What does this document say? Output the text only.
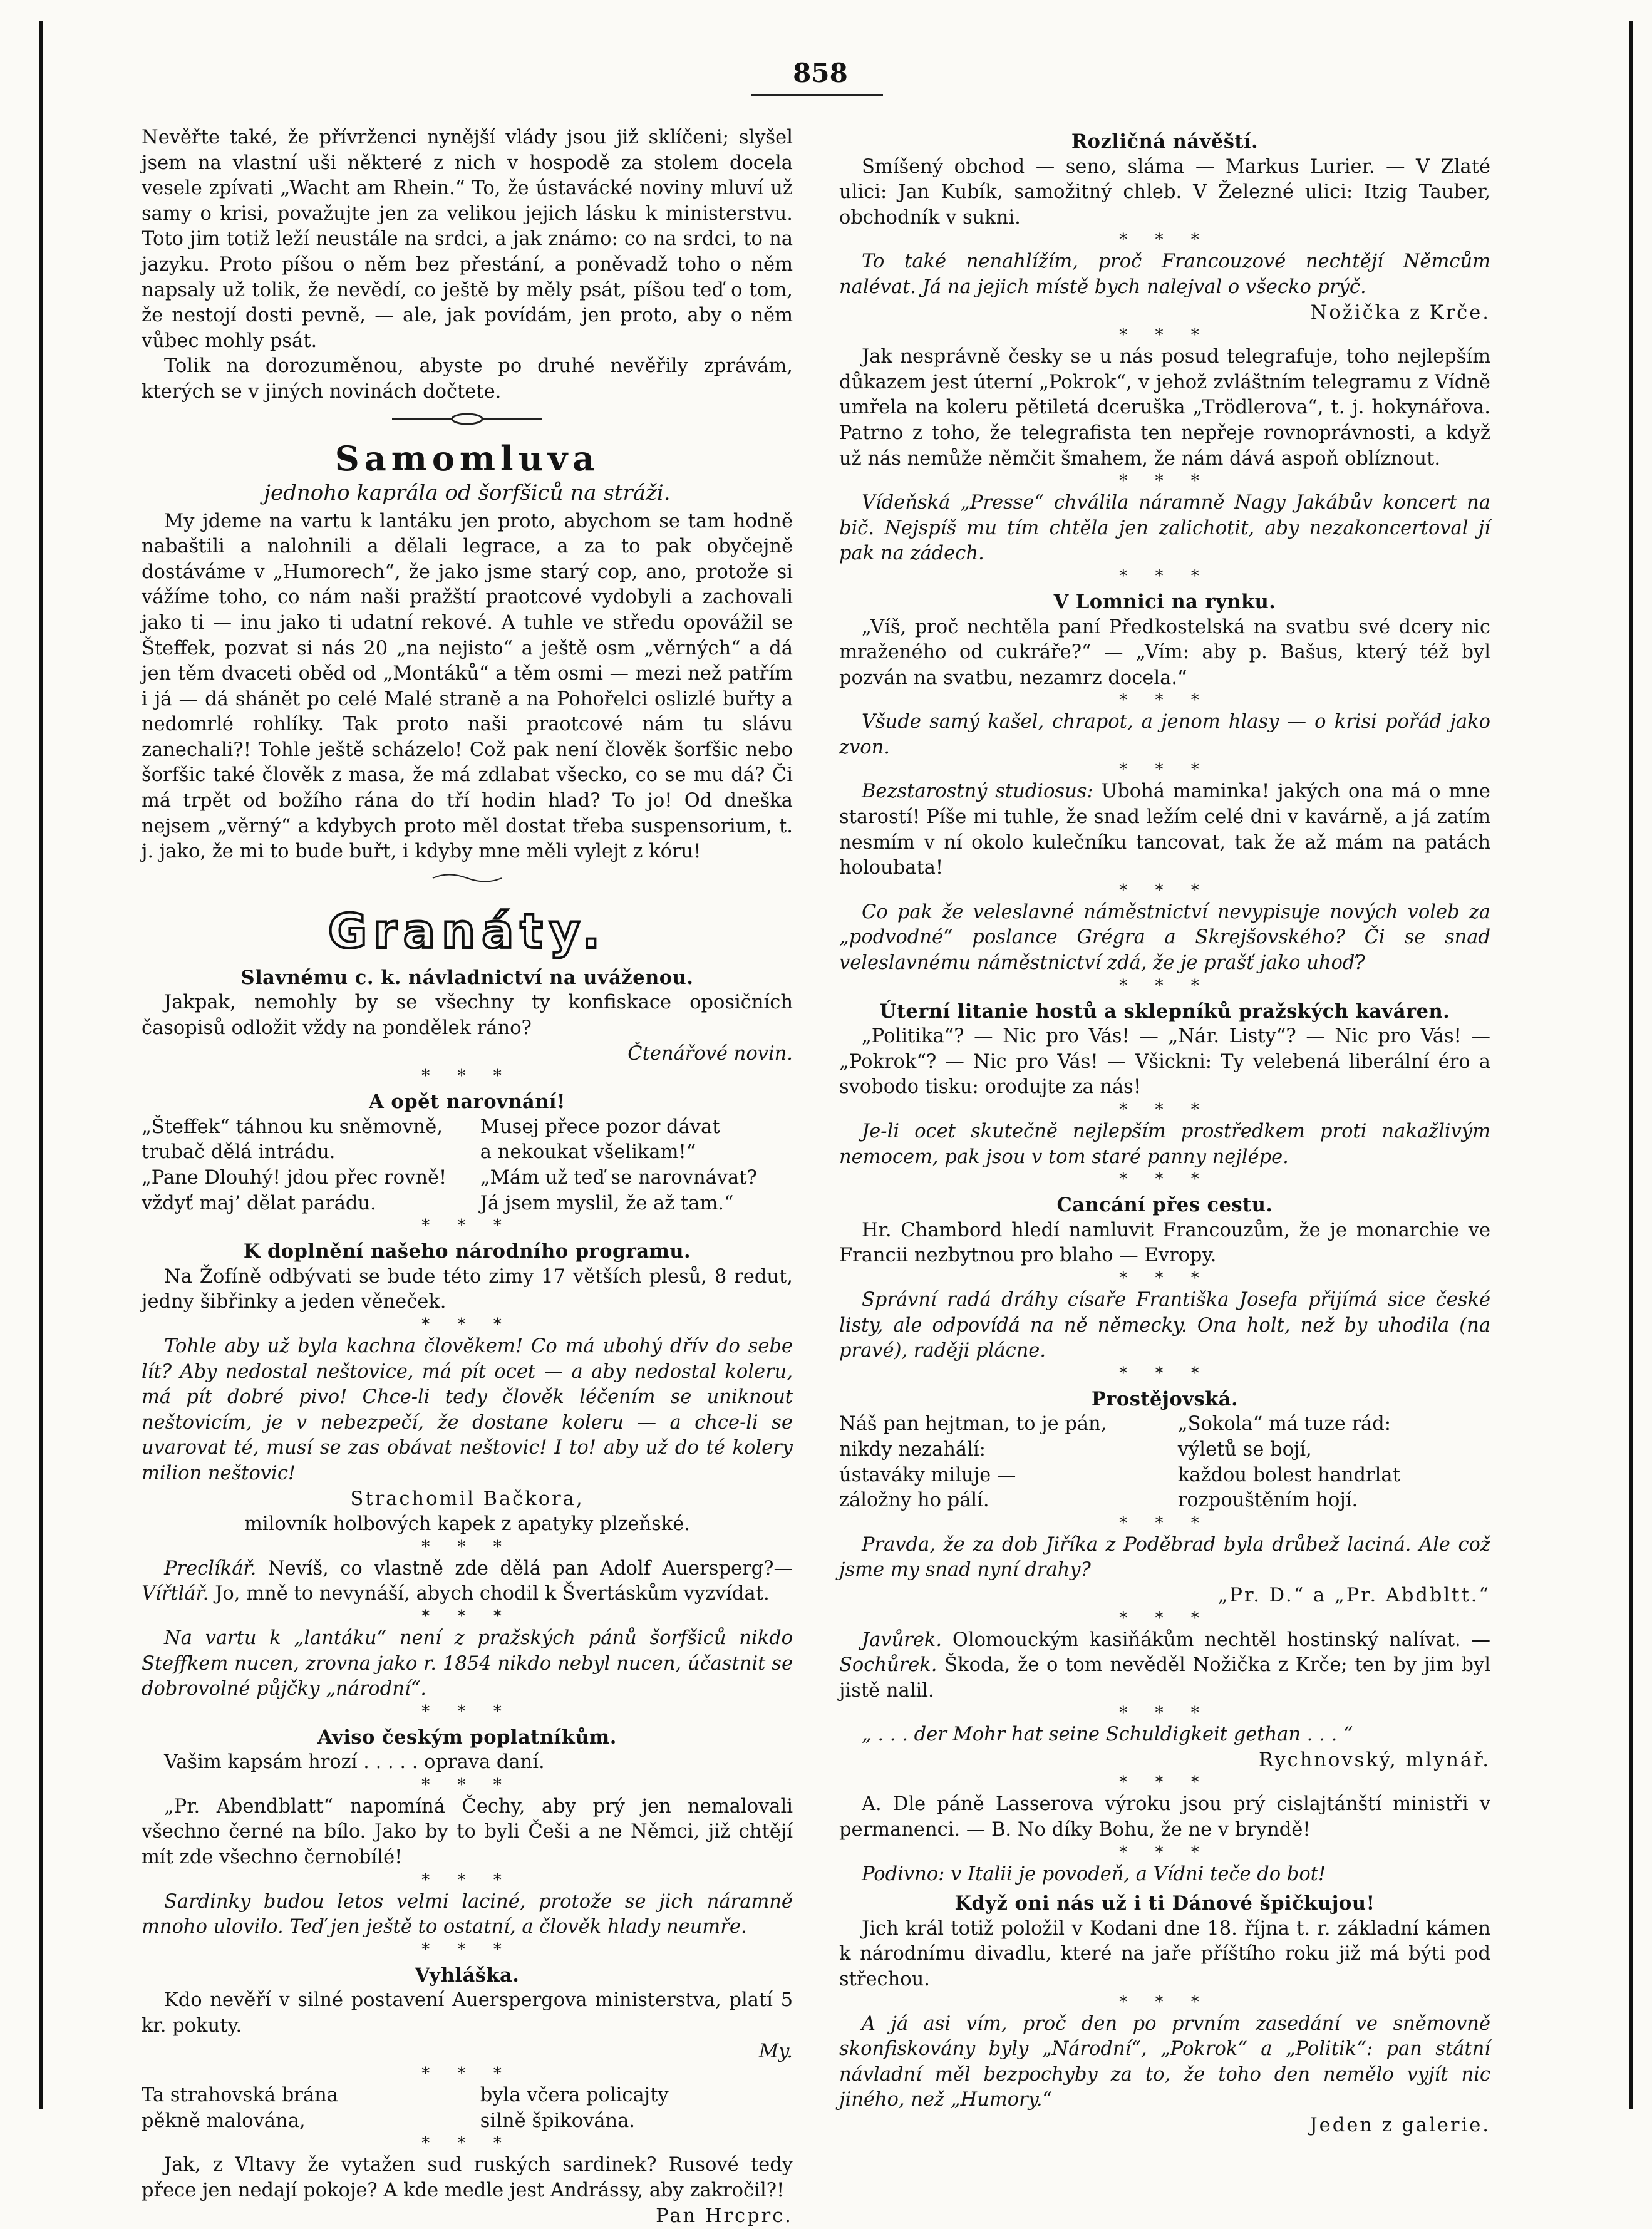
858

Nevěřte také, že přívrženci nynější vlády jsou již sklíčeni; slyšel jsem na vlastní uši některé z nich v hospodě za stolem docela vesele zpívati „Wacht am Rhein.“ To, že ústavácké noviny mluví už samy o krisi, považujte jen za velikou jejich lásku k ministerstvu. Toto jim totiž leží neustále na srdci, a jak známo: co na srdci, to na jazyku. Proto píšou o něm bez přestání, a poněvadž toho o něm napsaly už tolik, že nevědí, co ještě by měly psát, píšou teď o tom, že nestojí dosti pevně, — ale, jak povídám, jen proto, aby o něm vůbec mohly psát.

Tolik na dorozuměnou, abyste po druhé nevěřily zprávám, kterých se v jiných novinách dočtete.

Samomluva
jednoho kaprála od šorfšiců na stráži.

My jdeme na vartu k lantáku jen proto, abychom se tam hodně nabaštili a nalohnili a dělali legrace, a za to pak obyčejně dostáváme v „Humorech“, že jako jsme starý cop, ano, protože si vážíme toho, co nám naši pražští praotcové vydobyli a zachovali jako ti — inu jako ti udatní rekové. A tuhle ve středu opovážil se Šteffek, pozvat si nás 20 „na nejisto“ a ještě osm „věrných“ a dá jen těm dvaceti oběd od „Montáků“ a těm osmi — mezi než patřím i já — dá shánět po celé Malé straně a na Pohořelci oslizlé buřty a nedomrlé rohlíky. Tak proto naši praotcové nám tu slávu zanechali?! Tohle ještě scházelo! Což pak není člověk šorfšic nebo šorfšic také člověk z masa, že má zdlabat všecko, co se mu dá? Či má trpět od božího rána do tří hodin hlad? To jo! Od dneška nejsem „věrný“ a kdybych proto měl dostat třeba suspensorium, t. j. jako, že mi to bude buřt, i kdyby mne měli vylejt z kóru!

Granáty.
Slavnému c. k. návladnictví na uváženou.

Jakpak, nemohly by se všechny ty konfiskace oposičních časopisů odložit vždy na pondělek ráno?

Čtenářové novin.
* * *
A opět narovnání!
„Šteffek“ táhnou ku sněmovně,	Musej přece pozor dávat
trubač dělá intrádu.	a nekoukat všelikam!“
„Pane Dlouhý! jdou přec rovně!	„Mám už teď se narovnávat?
vždyť maj’ dělat parádu.	Já jsem myslil, že až tam.“
* * *
K doplnění našeho národního programu.

Na Žofíně odbývati se bude této zimy 17 větších plesů, 8 redut, jedny šibřinky a jeden věneček.

* * *

Tohle aby už byla kachna člověkem! Co má ubohý dřív do sebe lít? Aby nedostal neštovice, má pít ocet — a aby nedostal koleru, má pít dobré pivo! Chce-li tedy člověk léčením se uniknout neštovicím, je v nebezpečí, že dostane koleru — a chce-li se uvarovat té, musí se zas obávat neštovic! I to! aby už do té kolery milion neštovic!

Strachomil Bačkora,
milovník holbových kapek z apatyky plzeňské.
* * *

Preclíkář. Nevíš, co vlastně zde dělá pan Adolf Auersperg?— Vířtlář. Jo, mně to nevynáší, abych chodil k Švertáskům vyzvídat.

* * *

Na vartu k „lantáku“ není z pražských pánů šorfšiců nikdo Steffkem nucen, zrovna jako r. 1854 nikdo nebyl nucen, účastnit se dobrovolné půjčky „národní“.

* * *
Aviso českým poplatníkům.

Vašim kapsám hrozí . . . . . oprava daní.

* * *

„Pr. Abendblatt“ napomíná Čechy, aby prý jen nemalovali všechno černé na bílo. Jako by to byli Češi a ne Němci, již chtějí mít zde všechno černobílé!

* * *

Sardinky budou letos velmi laciné, protože se jich náramně mnoho ulovilo. Teď jen ještě to ostatní, a člověk hlady neumře.

* * *
Vyhláška.

Kdo nevěří v silné postavení Auerspergova ministerstva, platí 5 kr. pokuty.

My.
* * *
Ta strahovská brána	byla včera policajty
pěkně malována,	silně špikována.
* * *

Jak, z Vltavy že vytažen sud ruských sardinek? Rusové tedy přece jen nedají pokoje? A kde medle jest Andrássy, aby zakročil?!

Pan Hrcprc.
Rozličná návěští.

Smíšený obchod — seno, sláma — Markus Lurier. — V Zlaté ulici: Jan Kubík, samožitný chleb. V Železné ulici: Itzig Tauber, obchodník v sukni.

* * *

To také nenahlížím, proč Francouzové nechtějí Němcům nalévat. Já na jejich místě bych nalejval o všecko prýč.

Nožička z Krče.
* * *

Jak nesprávně česky se u nás posud telegrafuje, toho nejlepším důkazem jest úterní „Pokrok“, v jehož zvláštním telegramu z Vídně umřela na koleru pětiletá dceruška „Trödlerova“, t. j. hokynářova. Patrno z toho, že telegrafista ten nepřeje rovnoprávnosti, a když už nás nemůže němčit šmahem, že nám dává aspoň oblíznout.

* * *

Vídeňská „Presse“ chválila náramně Nagy Jakábův koncert na bič. Nejspíš mu tím chtěla jen zalichotit, aby nezakoncertoval jí pak na zádech.

* * *
V Lomnici na rynku.

„Víš, proč nechtěla paní Předkostelská na svatbu své dcery nic mraženého od cukráře?“ — „Vím: aby p. Bašus, který též byl pozván na svatbu, nezamrz docela.“

* * *

Všude samý kašel, chrapot, a jenom hlasy — o krisi pořád jako zvon.

* * *

Bezstarostný studiosus: Ubohá maminka! jakých ona má o mne starostí! Píše mi tuhle, že snad ležím celé dni v kavárně, a já zatím nesmím v ní okolo kulečníku tancovat, tak že až mám na patách holoubata!

* * *

Co pak že veleslavné náměstnictví nevypisuje nových voleb za „podvodné“ poslance Grégra a Skrejšovského? Či se snad veleslavnému náměstnictví zdá, že je prašť jako uhoď?

* * *
Úterní litanie hostů a sklepníků pražských kaváren.

„Politika“? — Nic pro Vás! — „Nár. Listy“? — Nic pro Vás! — „Pokrok“? — Nic pro Vás! — Všickni: Ty velebená liberální éro a svobodo tisku: orodujte za nás!

* * *

Je-li ocet skutečně nejlepším prostředkem proti nakažlivým nemocem, pak jsou v tom staré panny nejlépe.

* * *
Cancání přes cestu.

Hr. Chambord hledí namluvit Francouzům, že je monarchie ve Francii nezbytnou pro blaho — Evropy.

* * *

Správní radá dráhy císaře Františka Josefa přijímá sice české listy, ale odpovídá na ně německy. Ona holt, než by uhodila (na pravé), raději plácne.

* * *
Prostějovská.
Náš pan hejtman, to je pán,	„Sokola“ má tuze rád:
nikdy nezahálí:	výletů se bojí,
ústaváky miluje —	každou bolest handrlat
záložny ho pálí.	rozpouštěním hojí.
* * *

Pravda, že za dob Jiříka z Poděbrad byla drůbež laciná. Ale což jsme my snad nyní drahy?

„Pr. D.“ a „Pr. Abdbltt.“
* * *

Javůrek. Olomouckým kasiňákům nechtěl hostinský nalívat. — Sochůrek. Škoda, že o tom nevěděl Nožička z Krče; ten by jim byl jistě nalil.

* * *

„ . . . der Mohr hat seine Schuldigkeit gethan . . . “

Rychnovský, mlynář.
* * *

A. Dle páně Lasserova výroku jsou prý cislajtánští ministři v permanenci. — B. No díky Bohu, že ne v bryndě!

* * *

Podivno: v Italii je povodeň, a Vídni teče do bot!

Když oni nás už i ti Dánové špičkujou!

Jich král totiž položil v Kodani dne 18. října t. r. základní kámen k národnímu divadlu, které na jaře příštího roku již má býti pod střechou.

* * *

A já asi vím, proč den po prvním zasedání ve sněmovně skonfiskovány byly „Národní“, „Pokrok“ a „Politik“: pan státní návladní měl bezpochyby za to, že toho den nemělo vyjít nic jiného, než „Humory.“

Jeden z galerie.
